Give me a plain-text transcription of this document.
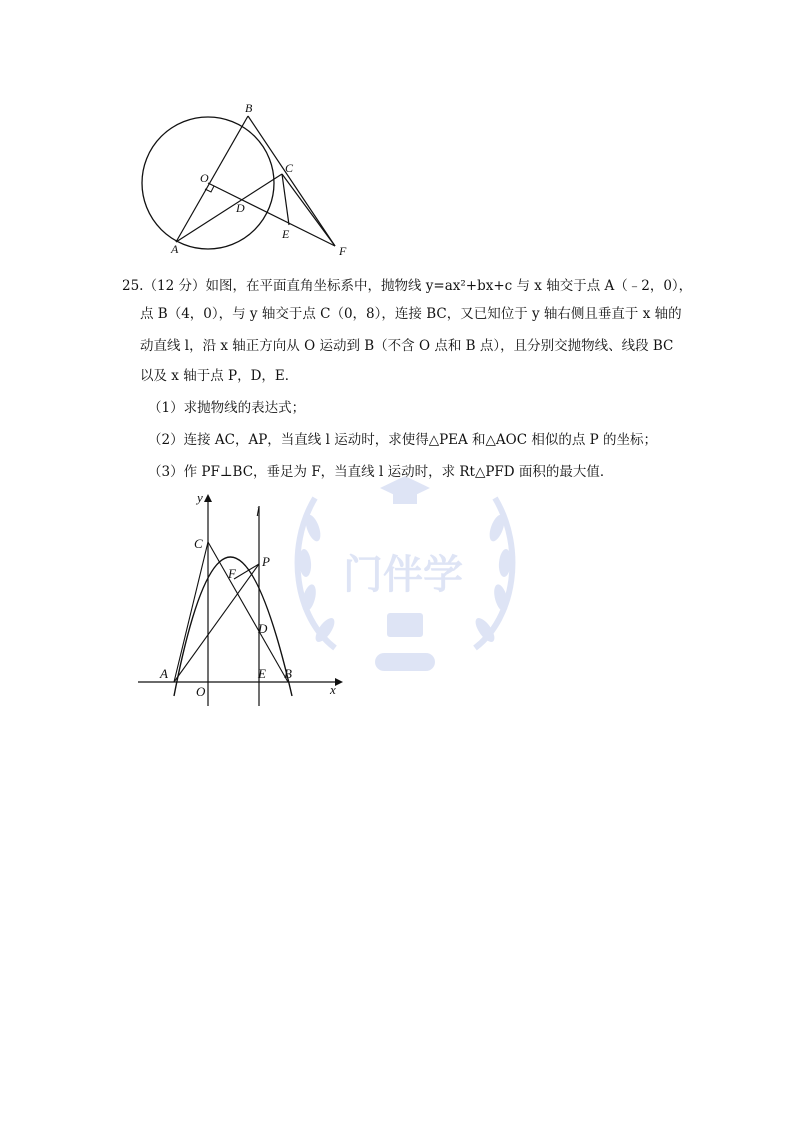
B
C
O
D
E
A	F
门伴学
25.（12 分）如图，在平面直角坐标系中，抛物线 y=ax²+bx+c 与 x 轴交于点 A（﹣2，0），
点 B（4，0），与 y 轴交于点 C（0，8），连接 BC，又已知位于 y 轴右侧且垂直于 x 轴的
动直线 l，沿 x 轴正方向从 O 运动到 B（不含 O 点和 B 点），且分别交抛物线、线段 BC
以及 x 轴于点 P，D，E．
（1）求抛物线的表达式；
（2）连接 AC，AP，当直线 l 运动时，求使得△PEA 和△AOC 相似的点 P 的坐标；
（3）作 PF⊥BC，垂足为 F，当直线 l 运动时，求 Rt△PFD 面积的最大值．
y
l
C
F
P
D
A	E B
O	x
